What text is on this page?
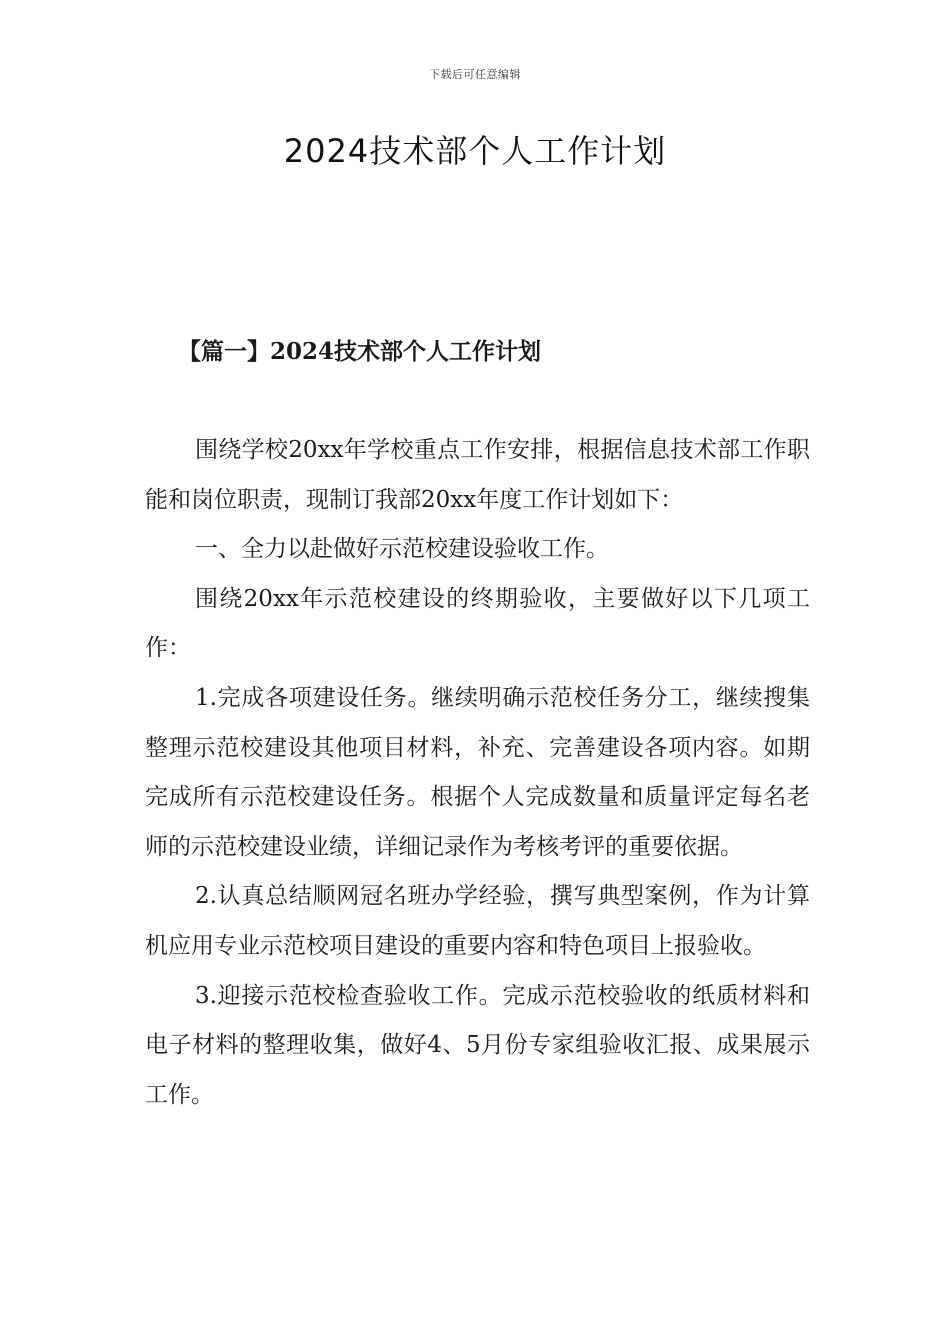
下载后可任意编辑
2024技术部个人工作计划
【篇一】2024技术部个人工作计划

围绕学校20xx年学校重点工作安排，根据信息技术部工作职能和岗位职责，现制订我部20xx年度工作计划如下：

一、全力以赴做好示范校建设验收工作。

围绕20xx年示范校建设的终期验收，主要做好以下几项工作：

1.完成各项建设任务。继续明确示范校任务分工，继续搜集整理示范校建设其他项目材料，补充、完善建设各项内容。如期完成所有示范校建设任务。根据个人完成数量和质量评定每名老师的示范校建设业绩，详细记录作为考核考评的重要依据。

2.认真总结顺网冠名班办学经验，撰写典型案例，作为计算机应用专业示范校项目建设的重要内容和特色项目上报验收。

3.迎接示范校检查验收工作。完成示范校验收的纸质材料和电子材料的整理收集，做好4、5月份专家组验收汇报、成果展示工作。
